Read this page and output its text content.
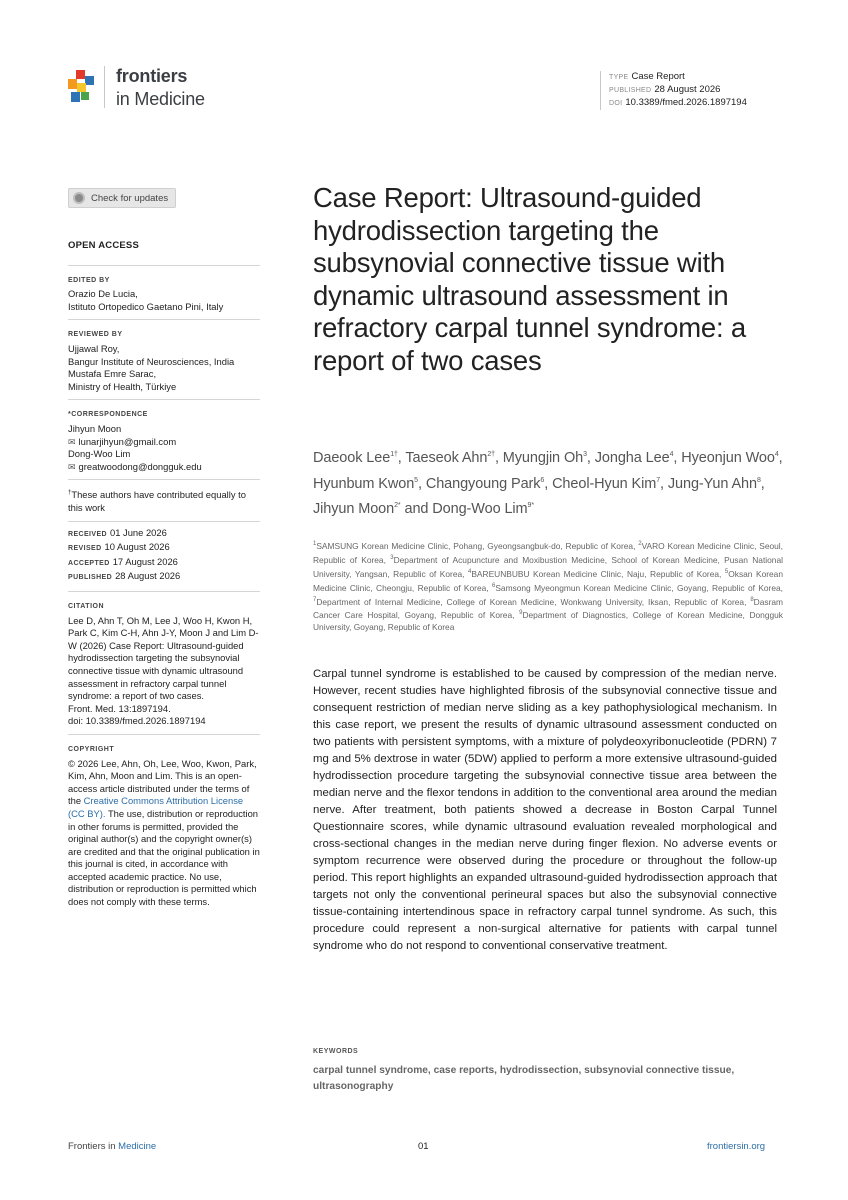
frontiers
in Medicine
TYPE Case Report
PUBLISHED 28 August 2026
DOI 10.3389/fmed.2026.1897194
Check for updates
OPEN ACCESS
EDITED BY

Orazio De Lucia,

Istituto Ortopedico Gaetano Pini, Italy

REVIEWED BY

Ujjawal Roy,

Bangur Institute of Neurosciences, India

Mustafa Emre Sarac,

Ministry of Health, Türkiye

*CORRESPONDENCE

Jihyun Moon

✉ lunarjihyun@gmail.com

Dong-Woo Lim

✉ greatwoodong@dongguk.edu

†These authors have contributed equally to this work

RECEIVED 01 June 2026

REVISED 10 August 2026

ACCEPTED 17 August 2026

PUBLISHED 28 August 2026

CITATION

Lee D, Ahn T, Oh M, Lee J, Woo H, Kwon H, Park C, Kim C-H, Ahn J-Y, Moon J and Lim D-W (2026) Case Report: Ultrasound-guided hydrodissection targeting the subsynovial connective tissue with dynamic ultrasound assessment in refractory carpal tunnel syndrome: a report of two cases.

Front. Med. 13:1897194.

doi: 10.3389/fmed.2026.1897194

COPYRIGHT

© 2026 Lee, Ahn, Oh, Lee, Woo, Kwon, Park, Kim, Ahn, Moon and Lim. This is an open-access article distributed under the terms of the Creative Commons Attribution License (CC BY). The use, distribution or reproduction in other forums is permitted, provided the original author(s) and the copyright owner(s) are credited and that the original publication in this journal is cited, in accordance with accepted academic practice. No use, distribution or reproduction is permitted which does not comply with these terms.

Case Report: Ultrasound-guided hydrodissection targeting the subsynovial connective tissue with dynamic ultrasound assessment in refractory carpal tunnel syndrome: a report of two cases
Daeook Lee$^{1\dagger}$, Taeseok Ahn$^{2\dagger}$, Myungjin Oh$^3$, Jongha Lee$^4$, Hyeonjun Woo$^4$, Hyunbum Kwon$^5$, Changyoung Park$^6$, Cheol-Hyun Kim$^7$, Jung-Yun Ahn$^8$, Jihyun Moon$^{2*}$ and Dong-Woo Lim$^{9*}$
$^1$SAMSUNG Korean Medicine Clinic, Pohang, Gyeongsangbuk-do, Republic of Korea, $^2$VARO Korean Medicine Clinic, Seoul, Republic of Korea, $^3$Department of Acupuncture and Moxibustion Medicine, School of Korean Medicine, Pusan National University, Yangsan, Republic of Korea, $^4$BAREUNBUBU Korean Medicine Clinic, Naju, Republic of Korea, $^5$Oksan Korean Medicine Clinic, Cheongju, Republic of Korea, $^6$Samsong Myeongmun Korean Medicine Clinic, Goyang, Republic of Korea, $^7$Department of Internal Medicine, College of Korean Medicine, Wonkwang University, Iksan, Republic of Korea, $^8$Dasram Cancer Care Hospital, Goyang, Republic of Korea, $^9$Department of Diagnostics, College of Korean Medicine, Dongguk University, Goyang, Republic of Korea

Carpal tunnel syndrome is established to be caused by compression of the median nerve. However, recent studies have highlighted fibrosis of the subsynovial connective tissue and consequent restriction of median nerve sliding as a key pathophysiological mechanism. In this case report, we present the results of dynamic ultrasound assessment conducted on two patients with persistent symptoms, with a mixture of polydeoxyribonucleotide (PDRN) 7 mg and 5% dextrose in water (5DW) applied to perform a more extensive ultrasound-guided hydrodissection procedure targeting the subsynovial connective tissue area between the median nerve and the flexor tendons in addition to the conventional area around the median nerve. After treatment, both patients showed a decrease in Boston Carpal Tunnel Questionnaire scores, while dynamic ultrasound evaluation revealed morphological and cross-sectional changes in the median nerve during finger flexion. No adverse events or symptom recurrence were observed during the procedure or throughout the follow-up period. This report highlights an expanded ultrasound-guided hydrodissection approach that targets not only the conventional perineural spaces but also the subsynovial connective tissue-containing intertendinous space in refractory carpal tunnel syndrome. As such, this procedure could represent a non-surgical alternative for patients with carpal tunnel syndrome who do not respond to conventional conservative treatment.

KEYWORDS
carpal tunnel syndrome, case reports, hydrodissection, subsynovial connective tissue, ultrasonography
Frontiers in Medicine	01	frontiersin.org
